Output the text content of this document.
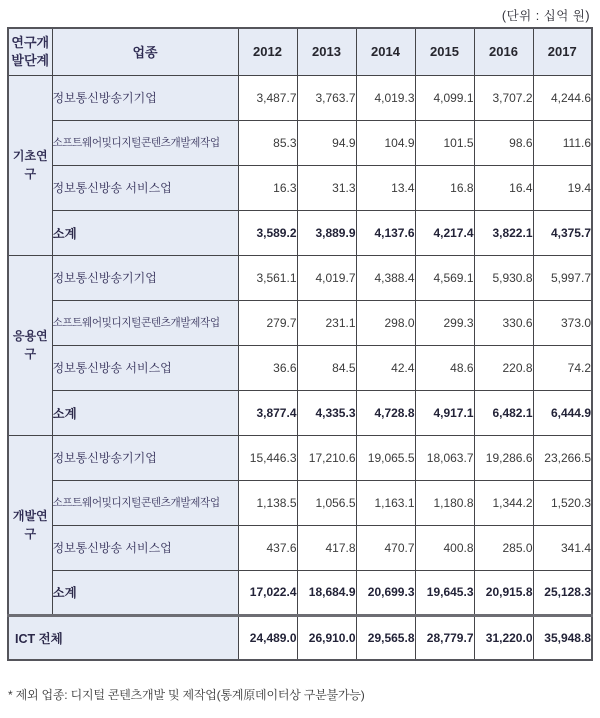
(단위 : 십억 원)
연구개발단계	업종	2012	2013	2014	2015	2016	2017
기초연구	정보통신방송기기업	3,487.7	3,763.7	4,019.3	4,099.1	3,707.2	4,244.6
	소프트웨어및디지털콘텐츠개발제작업	85.3	94.9	104.9	101.5	98.6	111.6
	정보통신방송 서비스업	16.3	31.3	13.4	16.8	16.4	19.4
	소계	3,589.2	3,889.9	4,137.6	4,217.4	3,822.1	4,375.7
응용연구	정보통신방송기기업	3,561.1	4,019.7	4,388.4	4,569.1	5,930.8	5,997.7
	소프트웨어및디지털콘텐츠개발제작업	279.7	231.1	298.0	299.3	330.6	373.0
	정보통신방송 서비스업	36.6	84.5	42.4	48.6	220.8	74.2
	소계	3,877.4	4,335.3	4,728.8	4,917.1	6,482.1	6,444.9
개발연구	정보통신방송기기업	15,446.3	17,210.6	19,065.5	18,063.7	19,286.6	23,266.5
	소프트웨어및디지털콘텐츠개발제작업	1,138.5	1,056.5	1,163.1	1,180.8	1,344.2	1,520.3
	정보통신방송 서비스업	437.6	417.8	470.7	400.8	285.0	341.4
	소계	17,022.4	18,684.9	20,699.3	19,645.3	20,915.8	25,128.3
ICT 전체		24,489.0	26,910.0	29,565.8	28,779.7	31,220.0	35,948.8
* 제외 업종: 디지털 콘텐츠개발 및 제작업(통계原데이터상 구분불가능)
